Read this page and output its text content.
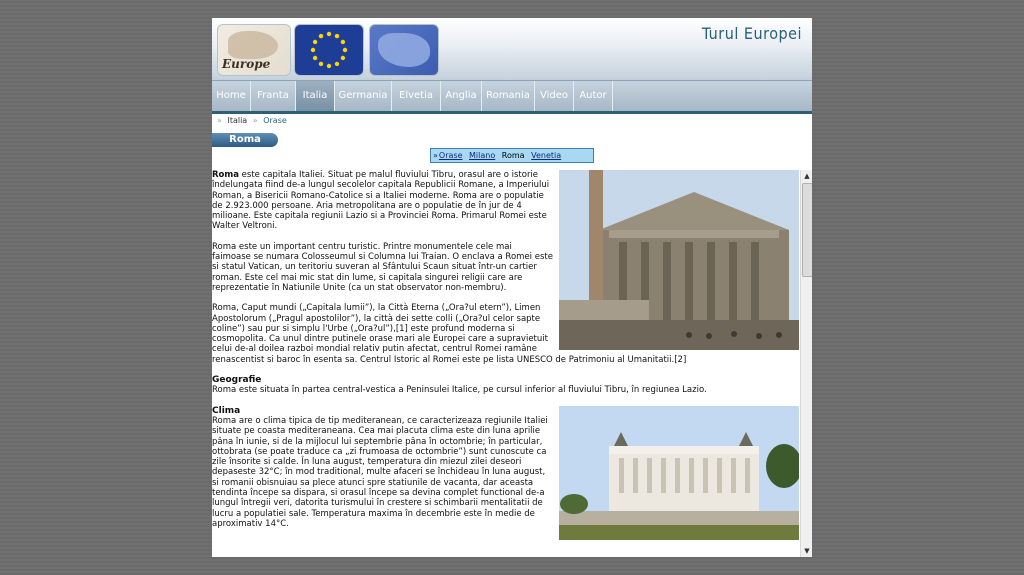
Europe
Turul Europei
Home	Franta	Italia	Germania	Elvetia	Anglia Romania	Video	Autor
» Italia » Orase
Roma
»Orase Milano Roma Venetia

Roma este capitala Italiei. Situat pe malul fluviului Tibru, orasul are o istorie îndelungata fiind de-a lungul secolelor capitala Republicii Romane, a Imperiului Roman, a Bisericii Romano-Catolice si a Italiei moderne. Roma are o populatie de 2.923.000 persoane. Aria metropolitana are o populatie de în jur de 4 milioane. Este capitala regiunii Lazio si a Provinciei Roma. Primarul Romei este Walter Veltroni.

Roma este un important centru turistic. Printre monumentele cele mai faimoase se numara Colosseumul si Columna lui Traian. O enclava a Romei este si statul Vatican, un teritoriu suveran al Sfântului Scaun situat într-un cartier roman. Este cel mai mic stat din lume, si capitala singurei religii care are reprezentatie în Natiunile Unite (ca un stat observator non-membru).

Roma, Caput mundi („Capitala lumii”), la Città Eterna („Ora?ul etern”), Limen Apostolorum („Pragul apostolilor”), la città dei sette colli („Ora?ul celor sapte coline”) sau pur si simplu l'Urbe („Ora?ul”),[1] este profund moderna si cosmopolita. Ca unul dintre putinele orase mari ale Europei care a supravietuit celui de-al doilea razboi mondial relativ putin afectat, centrul Romei ramâne renascentist si baroc în esenta sa. Centrul Istoric al Romei este pe lista UNESCO de Patrimoniu al Umanitatii.[2]

Geografie

Roma este situata în partea central-vestica a Peninsulei Italice, pe cursul inferior al fluviului Tibru, în regiunea Lazio.

Clima

Roma are o clima tipica de tip mediteranean, ce caracterizeaza regiunile Italiei situate pe coasta mediteraneana. Cea mai placuta clima este din luna aprilie pâna în iunie, si de la mijlocul lui septembrie pâna în octombrie; în particular, ottobrata (se poate traduce ca „zi frumoasa de octombrie”) sunt cunoscute ca zile însorite si calde. În luna august, temperatura din miezul zilei deseori depaseste 32°C; în mod traditional, multe afaceri se închideau în luna august, si romanii obisnuiau sa plece atunci spre statiunile de vacanta, dar aceasta tendinta începe sa dispara, si orasul începe sa devina complet functional de-a lungul întregii veri, datorita turismului în crestere si schimbarii mentalitatii de lucru a populatiei sale. Temperatura maxima în decembrie este în medie de aproximativ 14°C.

▲
▼
